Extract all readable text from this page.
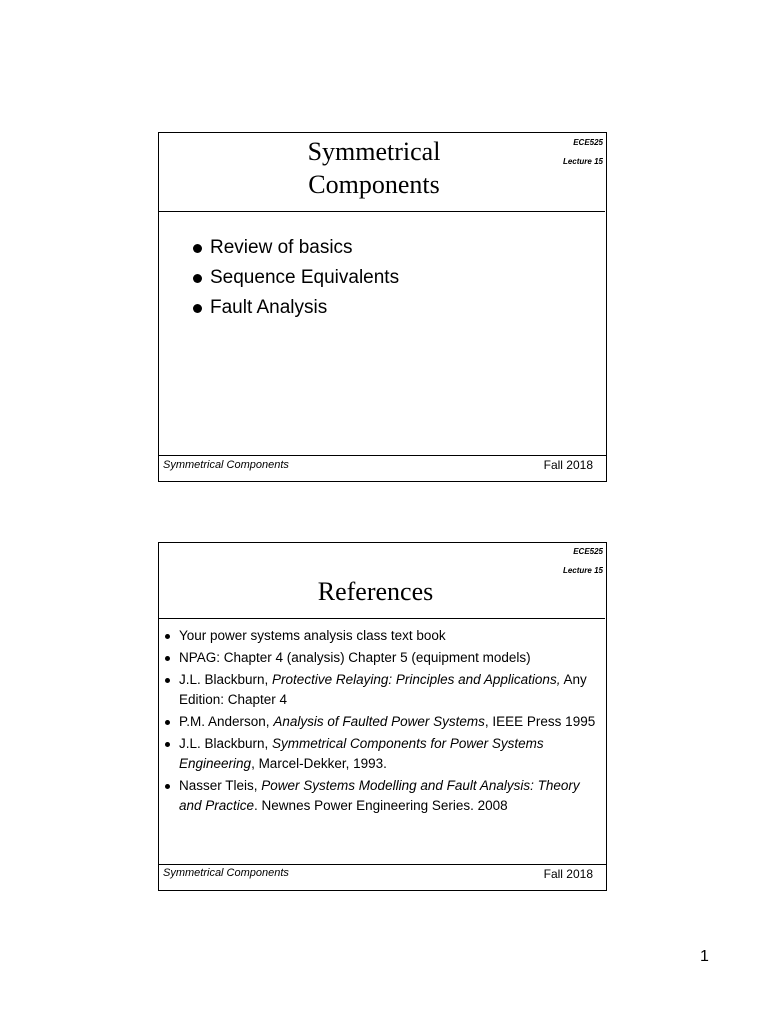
ECE525
Lecture 15
Symmetrical
Components
Review of basics
Sequence Equivalents
Fault Analysis
Symmetrical Components	Fall 2018
ECE525
Lecture 15
References
Your power systems analysis class text book
NPAG: Chapter 4 (analysis) Chapter 5 (equipment models)
J.L. Blackburn, Protective Relaying: Principles and Applications, Any Edition: Chapter 4
P.M. Anderson, Analysis of Faulted Power Systems, IEEE Press 1995
J.L. Blackburn, Symmetrical Components for Power Systems Engineering, Marcel-Dekker, 1993.
Nasser Tleis, Power Systems Modelling and Fault Analysis: Theory and Practice. Newnes Power Engineering Series. 2008
Symmetrical Components	Fall 2018
1
